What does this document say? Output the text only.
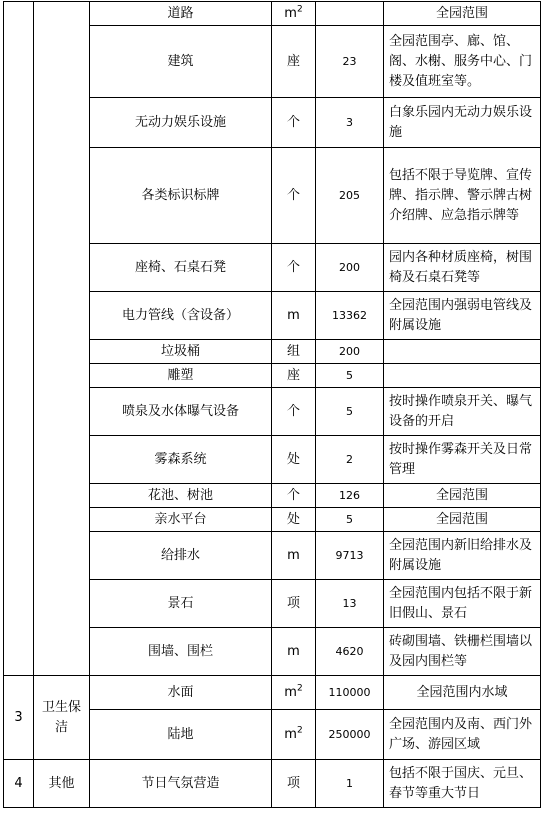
		道路	$m^2$		全园范围
		建筑	座	23	全园范围亭、廊、馆、阁、水榭、服务中心、门楼及值班室等。
		无动力娱乐设施	个	3	白象乐园内无动力娱乐设施
		各类标识标牌	个	205	包括不限于导览牌、宣传牌、指示牌、警示牌古树介绍牌、应急指示牌等
		座椅、石桌石凳	个	200	园内各种材质座椅，树围椅及石桌石凳等
		电力管线（含设备）	m	13362	全园范围内强弱电管线及附属设施
		垃圾桶	组	200	
		雕塑	座	5	
		喷泉及水体曝气设备	个	5	按时操作喷泉开关、曝气设备的开启
		雾森系统	处	2	按时操作雾森开关及日常管理
		花池、树池	个	126	全园范围
		亲水平台	处	5	全园范围
		给排水	m	9713	全园范围内新旧给排水及附属设施
		景石	项	13	全园范围内包括不限于新旧假山、景石
		围墙、围栏	m	4620	砖砌围墙、铁栅栏围墙以及园内围栏等
3	卫生保洁	水面	$m^2$	110000	全园范围内水域
		陆地	$m^2$	250000	全园范围内及南、西门外广场、游园区域
4	其他	节日气氛营造	项	1	包括不限于国庆、元旦、春节等重大节日
